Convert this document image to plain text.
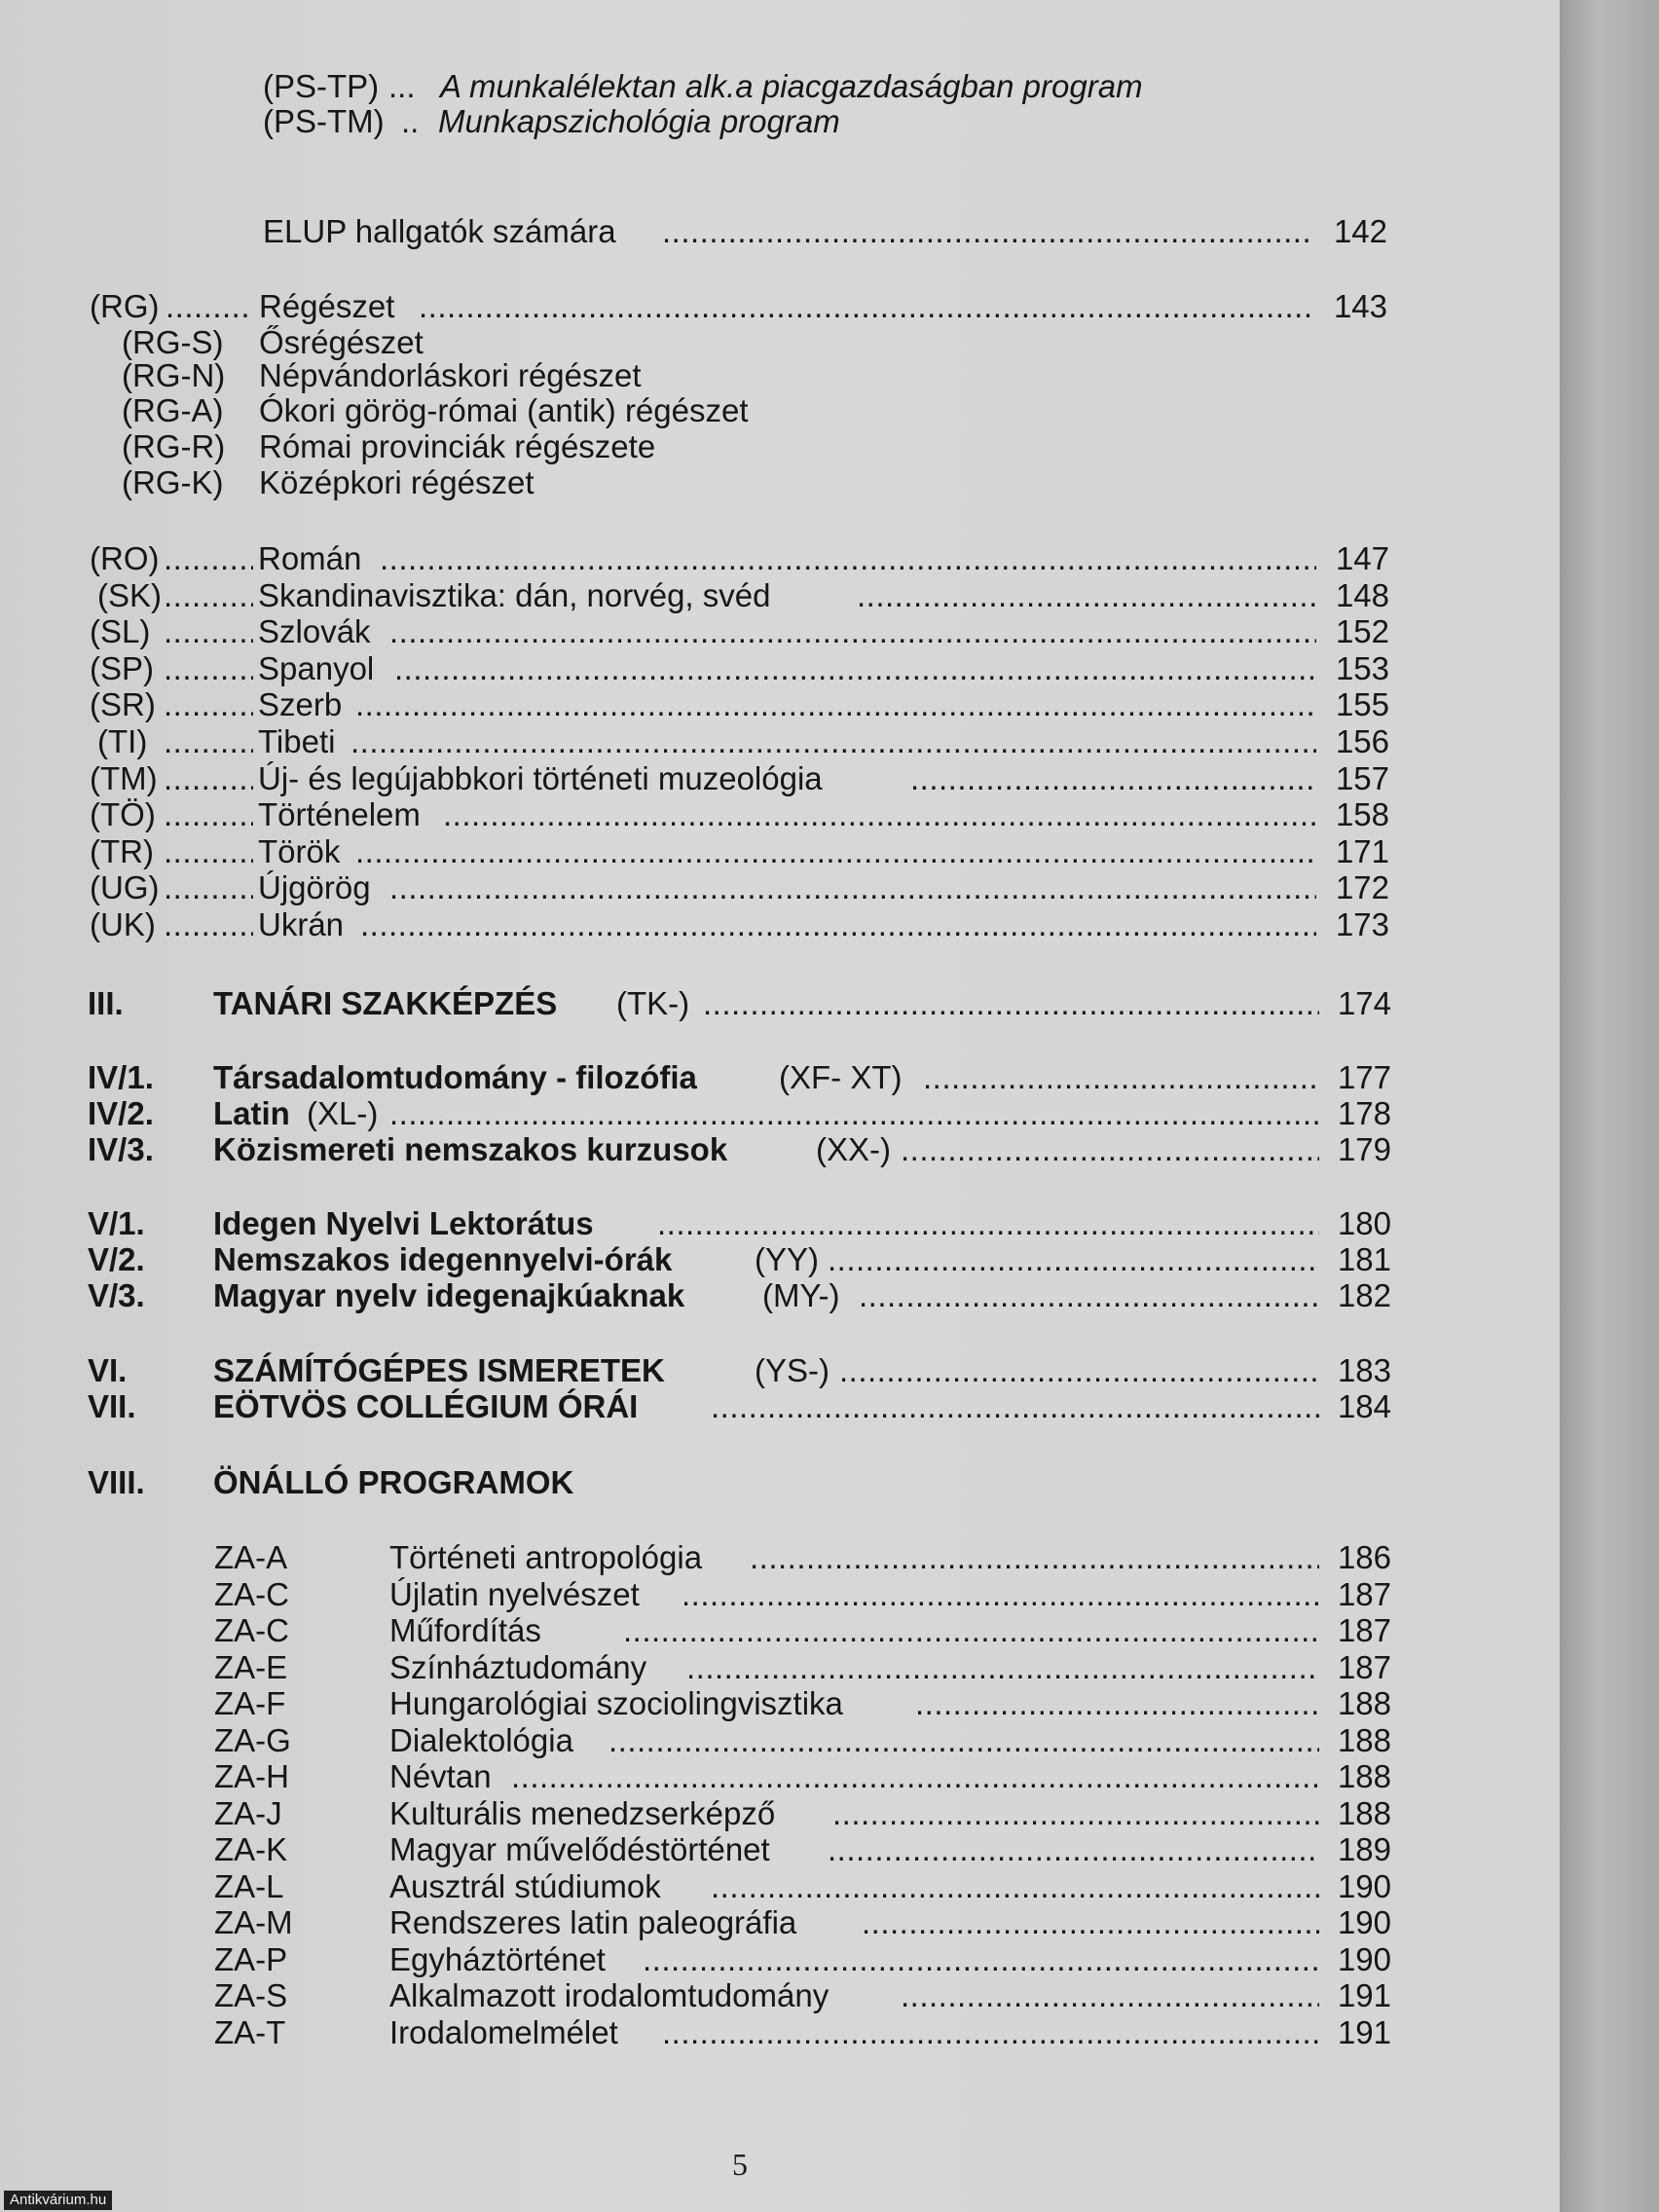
(PS-TP) ... A munkalélektan alk.a piacgazdaságban program
(PS-TM) .. Munkapszichológia program
ELUP hallgatók számára .....	142
(RG) .....	Régészet .....	143
(RG-S) Ősrégészet
(RG-N) Népvándorláskori régészet
(RG-A) Ókori görög-római (antik) régészet
(RG-R) Római provinciák régészete
(RG-K) Középkori régészet
(RO) .....	Román .....	147
(SK) .....	Skandinavisztika: dán, norvég, svéd .....	148
(SL) .....	Szlovák .....	152
(SP) .....	Spanyol .....	153
(SR) .....	Szerb .....	155
(TI) .....	Tibeti .....	156
(TM) .....	Új- és legújabbkori történeti muzeológia .....	157
(TÖ) .....	Történelem .....	158
(TR) .....	Török .....	171
(UG) .....	Újgörög .....	172
(UK) .....	Ukrán .....	173
III.	TANÁRI SZAKKÉPZÉS (TK-) .....	174
IV/1. Társadalomtudomány - filozófia	(XF- XT) .....	177
IV/2. Latin (XL-) .....	178
IV/3. Közismereti nemszakos kurzusok	(XX-) .....	179
V/1. Idegen Nyelvi Lektorátus .....	180
V/2. Nemszakos idegennyelvi-órák	(YY) .....	181
V/3. Magyar nyelv idegenajkúaknak (MY-) .....	182
VI.	SZÁMÍTÓGÉPES ISMERETEK	(YS-) .....	183
VII. EÖTVÖS COLLÉGIUM ÓRÁI .....	184
VIII. ÖNÁLLÓ PROGRAMOK
ZA-A	Történeti antropológia .....	186
ZA-C	Újlatin nyelvészet .....	187
ZA-C	Műfordítás .....	187
ZA-E	Színháztudomány .....	187
ZA-F	Hungarológiai szociolingvisztika .....	188
ZA-G	Dialektológia .....	188
ZA-H	Névtan .....	188
ZA-J	Kulturális menedzserképző .....	188
ZA-K	Magyar művelődéstörténet .....	189
ZA-L	Ausztrál stúdiumok .....	190
ZA-M	Rendszeres latin paleográfia .....	190
ZA-P	Egyháztörténet .....	190
ZA-S	Alkalmazott irodalomtudomány .....	191
ZA-T	Irodalomelmélet .....	191
5
Antikvárium.hu
